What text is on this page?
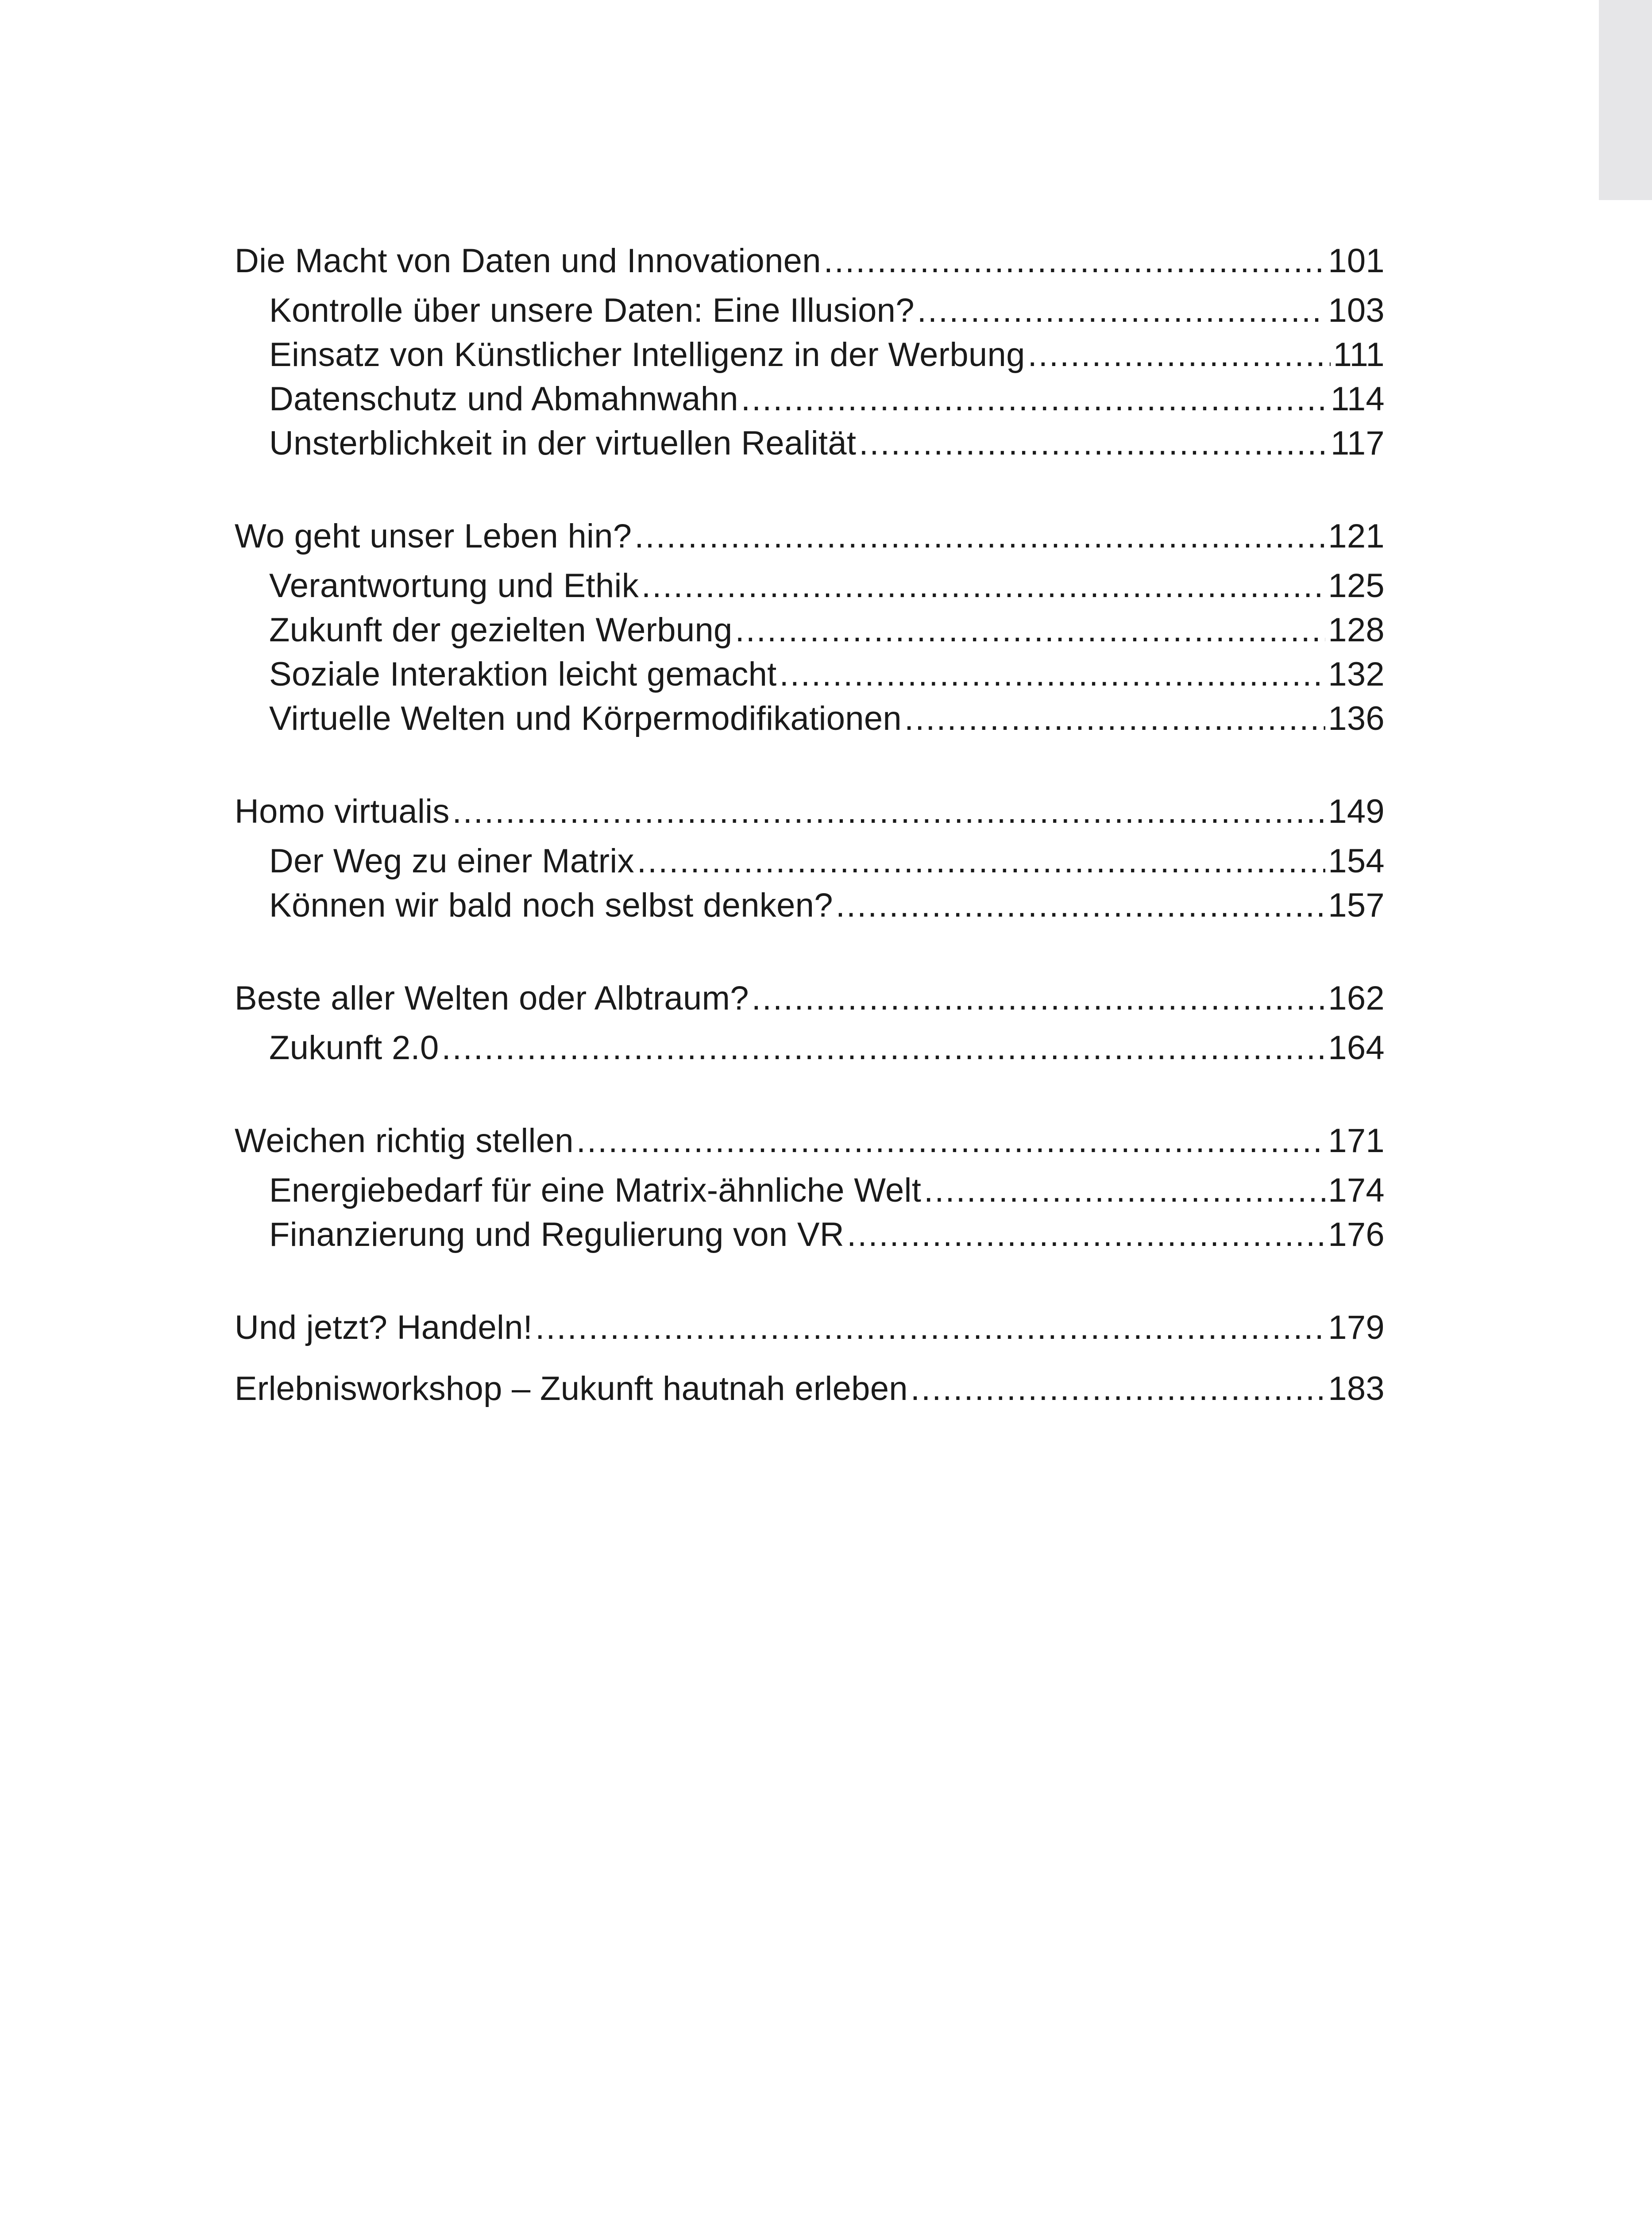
Die Macht von Daten und Innovationen .....	101
Kontrolle über unsere Daten: Eine Illusion? .....	103
Einsatz von Künstlicher Intelligenz in der Werbung .....	111
Datenschutz und Abmahnwahn .....	114
Unsterblichkeit in der virtuellen Realität .....	117
Wo geht unser Leben hin? .....	121
Verantwortung und Ethik .....	125
Zukunft der gezielten Werbung .....	128
Soziale Interaktion leicht gemacht .....	132
Virtuelle Welten und Körpermodifikationen .....	136
Homo virtualis .....	149
Der Weg zu einer Matrix .....	154
Können wir bald noch selbst denken? .....	157
Beste aller Welten oder Albtraum? .....	162
Zukunft 2.0 .....	164
Weichen richtig stellen .....	171
Energiebedarf für eine Matrix-ähnliche Welt .....	174
Finanzierung und Regulierung von VR .....	176
Und jetzt? Handeln! .....	179
Erlebnisworkshop – Zukunft hautnah erleben .....	183
